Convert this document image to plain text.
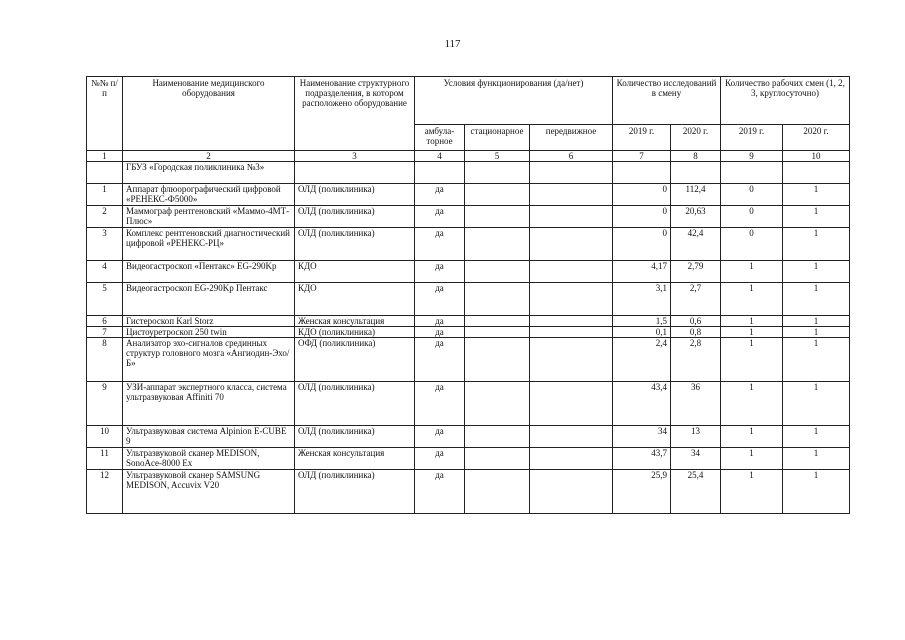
117
№№ п/п	Наименование медицинского оборудования	Наименование структурного подразделения, в котором расположено оборудование	Условия функционирования (да/нет)			Количество исследований в смену		Количество рабочих смен (1, 2, 3, круглосуточно)	
			амбула-торное	стационарное	передвижное	2019 г.	2020 г.	2019 г.	2020 г.
1	2	3	4	5	6	7	8	9	10
	ГБУЗ «Городская поликлиника №3»								
1	Аппарат флюорографический цифровой «РЕНЕКС-Ф5000»	ОЛД (поликлиника)	да			0	112,4	0	1
2	Маммограф рентгеновский «Маммо-4МТ-Плюс»	ОЛД (поликлиника)	да			0	20,63	0	1
3	Комплекс рентгеновский диагностический цифровой «РЕНЕКС-РЦ»	ОЛД (поликлиника)	да			0	42,4	0	1
4	Видеогастроскоп «Пентакс» EG-290Kp	КДО	да			4,17	2,79	1	1
5	Видеогастроскоп EG-290Kp Пентакс	КДО	да			3,1	2,7	1	1
6	Гистероскоп Karl Storz	Женская консультация	да			1,5	0,6	1	1
7	Цистоуретроскоп 250 twin	КДО (поликлиника)	да			0,1	0,8	1	1
8	Анализатор эхо-сигналов срединных структур головного мозга «Ангиодин-Эхо/Б»	ОФД (поликлиника)	да			2,4	2,8	1	1
9	УЗИ-аппарат экспертного класса, система ультразвуковая Affiniti 70	ОЛД (поликлиника)	да			43,4	36	1	1
10	Ультразвуковая система Alpinion E-CUBE 9	ОЛД (поликлиника)	да			34	13	1	1
11	Ультразвуковой сканер MEDISON, SonoAce-8000 Ex	Женская консультация	да			43,7	34	1	1
12	Ультразвуковой сканер SAMSUNG MEDISON, Accuvix V20	ОЛД (поликлиника)	да			25,9	25,4	1	1
